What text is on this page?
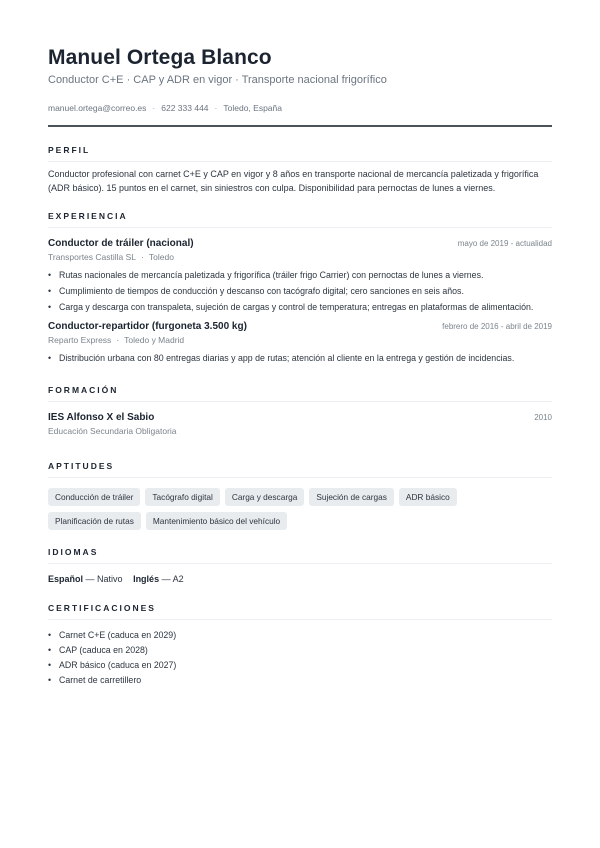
Manuel Ortega Blanco
Conductor C+E · CAP y ADR en vigor · Transporte nacional frigorífico
manuel.ortega@correo.es · 622 333 444 · Toledo, España
PERFIL
Conductor profesional con carnet C+E y CAP en vigor y 8 años en transporte nacional de mercancía paletizada y frigorífica (ADR básico). 15 puntos en el carnet, sin siniestros con culpa. Disponibilidad para pernoctas de lunes a viernes.
EXPERIENCIA
Conductor de tráiler (nacional)	mayo de 2019 - actualidad
Transportes Castilla SL · Toledo
• Rutas nacionales de mercancía paletizada y frigorífica (tráiler frigo Carrier) con pernoctas de lunes a viernes.
• Cumplimiento de tiempos de conducción y descanso con tacógrafo digital; cero sanciones en seis años.
• Carga y descarga con transpaleta, sujeción de cargas y control de temperatura; entregas en plataformas de alimentación.
Conductor-repartidor (furgoneta 3.500 kg)	febrero de 2016 - abril de 2019
Reparto Express · Toledo y Madrid
• Distribución urbana con 80 entregas diarias y app de rutas; atención al cliente en la entrega y gestión de incidencias.
FORMACIÓN
IES Alfonso X el Sabio	2010
Educación Secundaria Obligatoria
APTITUDES
Conducción de tráiler	Tacógrafo digital	Carga y descarga	Sujeción de cargas	ADR básico
Planificación de rutas	Mantenimiento básico del vehículo
IDIOMAS
Español — Nativo Inglés — A2
CERTIFICACIONES
• Carnet C+E (caduca en 2029)
• CAP (caduca en 2028)
• ADR básico (caduca en 2027)
• Carnet de carretillero
